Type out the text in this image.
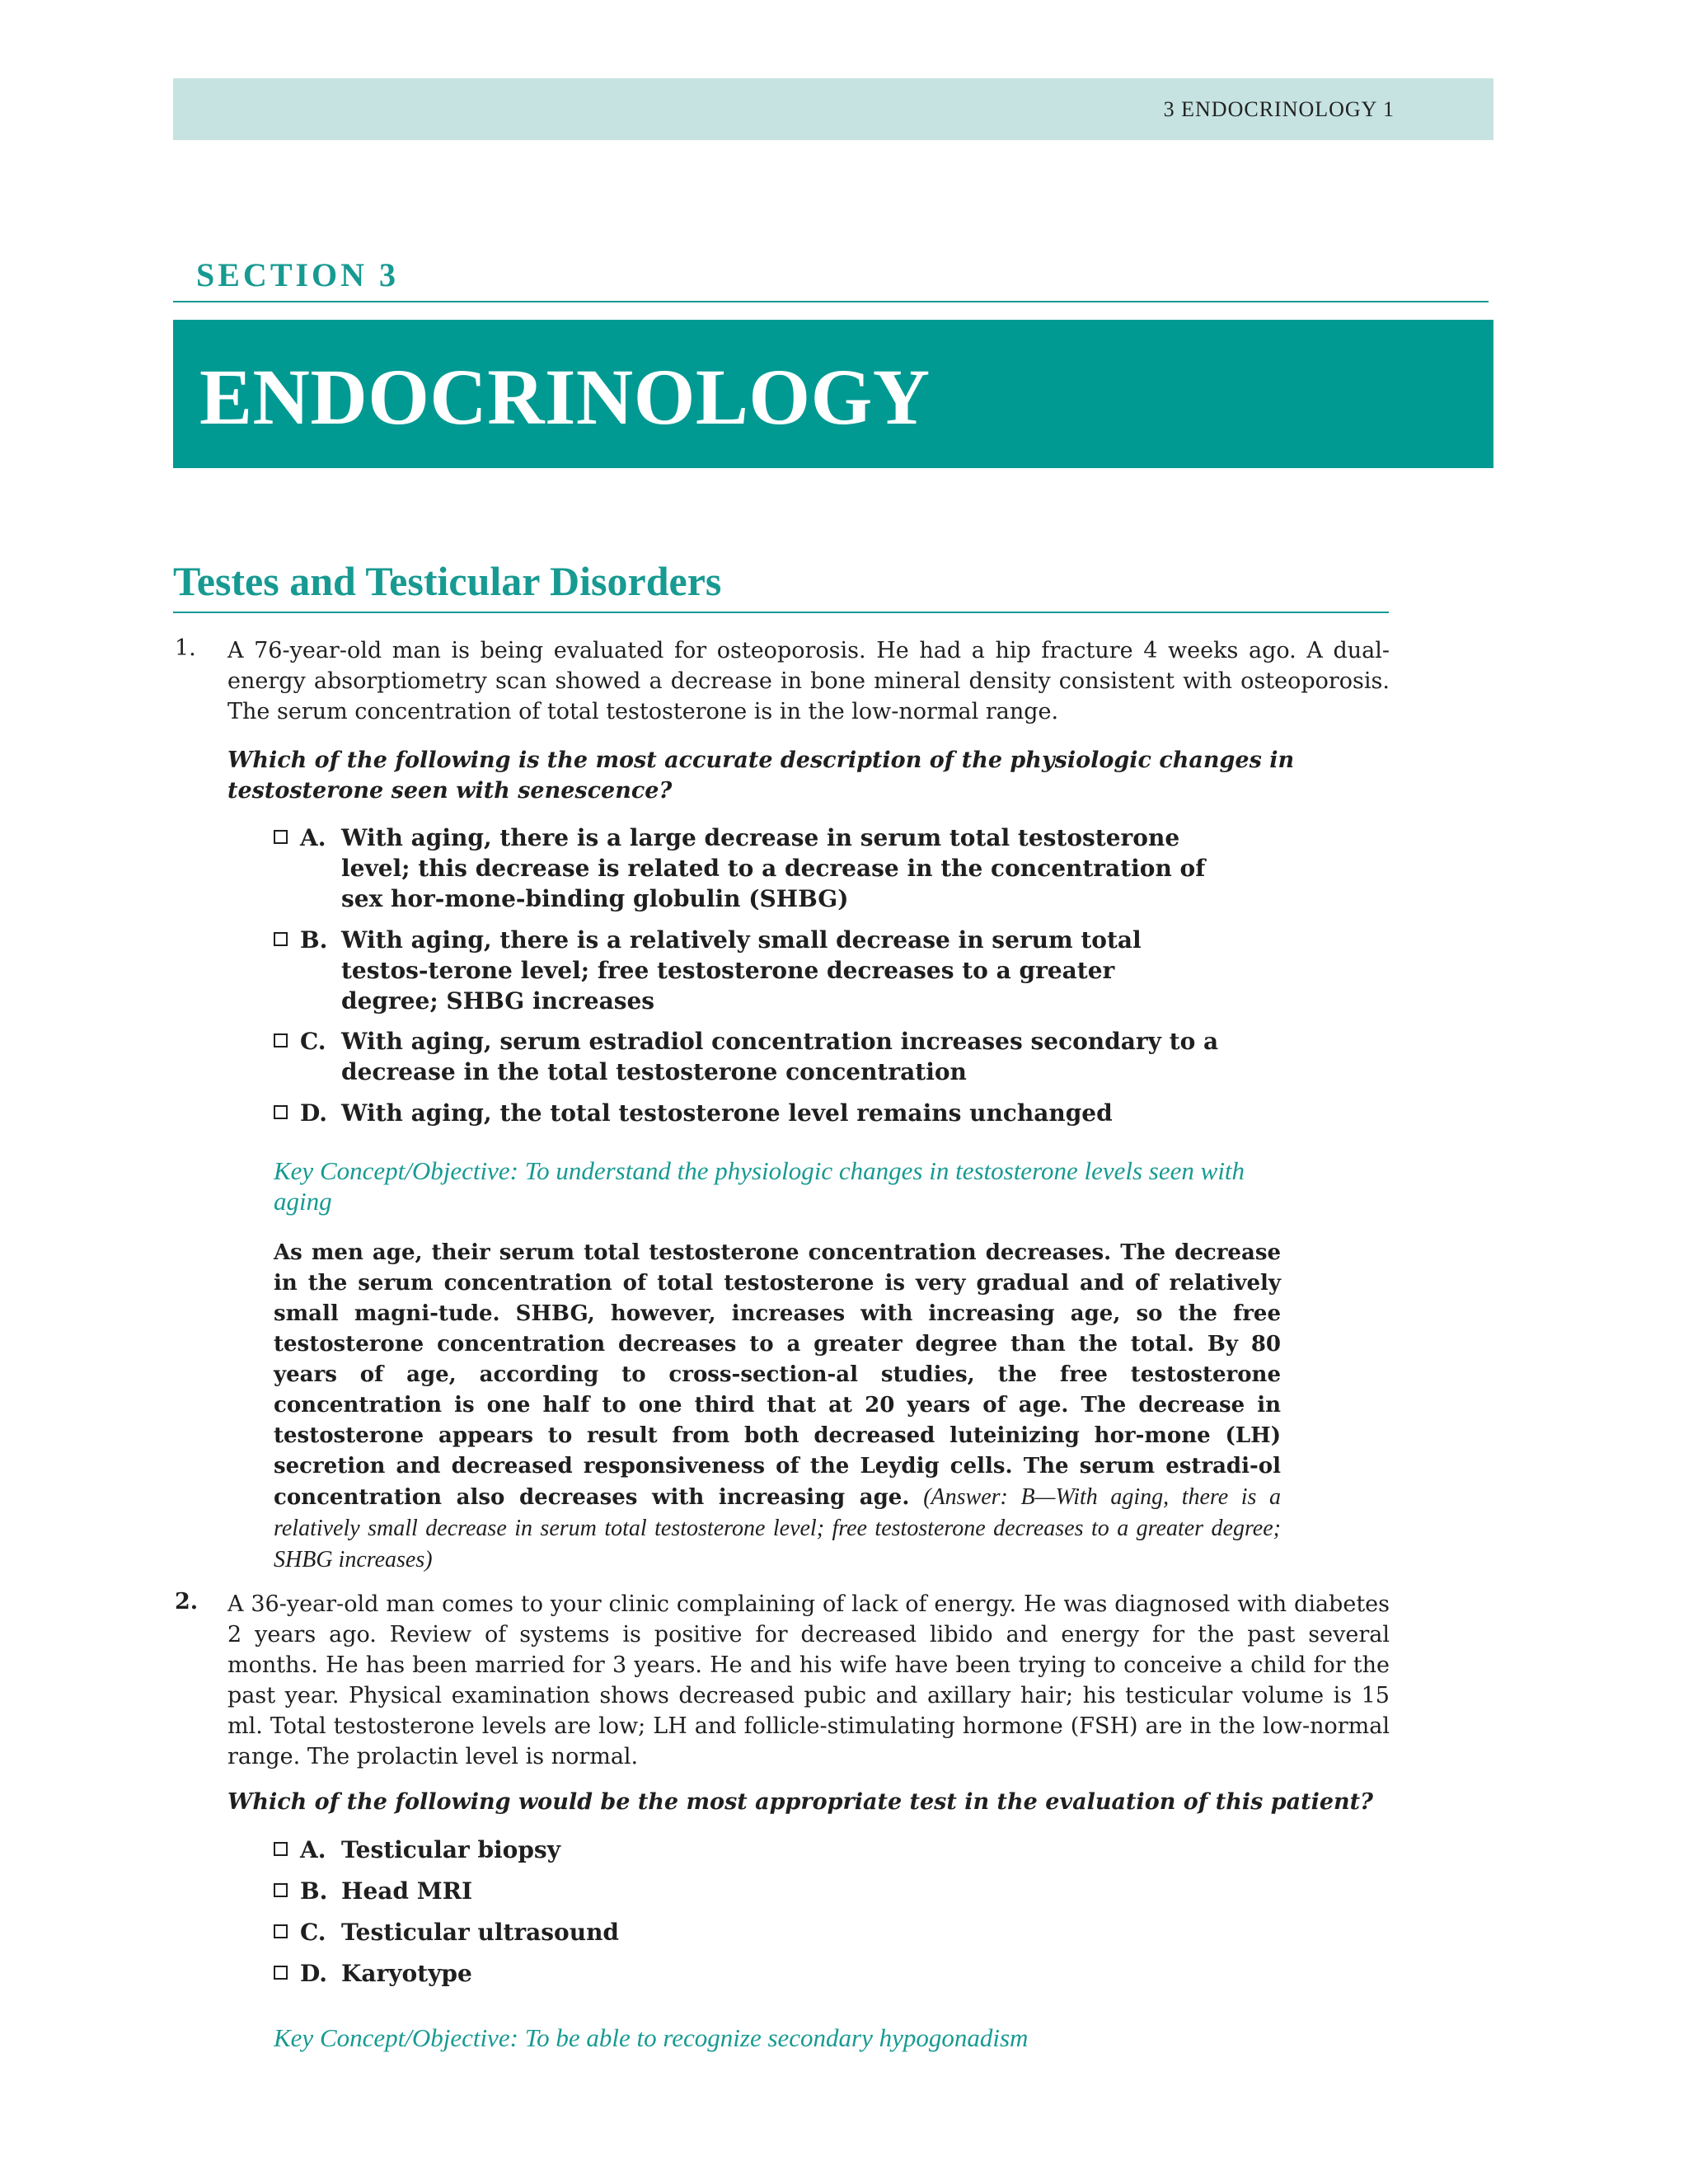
3 ENDOCRINOLOGY 1
SECTION 3
ENDOCRINOLOGY
Testes and Testicular Disorders
1. A 76-year-old man is being evaluated for osteoporosis. He had a hip fracture 4 weeks ago. A dual-energy absorptiometry scan showed a decrease in bone mineral density consistent with osteoporosis. The serum concentration of total testosterone is in the low-normal range.
Which of the following is the most accurate description of the physiologic changes in testosterone seen with senescence?
A. With aging, there is a large decrease in serum total testosterone level; this decrease is related to a decrease in the concentration of sex hor-mone-binding globulin (SHBG)
B. With aging, there is a relatively small decrease in serum total testos-terone level; free testosterone decreases to a greater degree; SHBG increases
C. With aging, serum estradiol concentration increases secondary to a decrease in the total testosterone concentration
D. With aging, the total testosterone level remains unchanged
Key Concept/Objective: To understand the physiologic changes in testosterone levels seen with aging
As men age, their serum total testosterone concentration decreases. The decrease in the serum concentration of total testosterone is very gradual and of relatively small magni-tude. SHBG, however, increases with increasing age, so the free testosterone concentration decreases to a greater degree than the total. By 80 years of age, according to cross-section-al studies, the free testosterone concentration is one half to one third that at 20 years of age. The decrease in testosterone appears to result from both decreased luteinizing hor-mone (LH) secretion and decreased responsiveness of the Leydig cells. The serum estradi-ol concentration also decreases with increasing age. (Answer: B—With aging, there is a relatively small decrease in serum total testosterone level; free testosterone decreases to a greater degree; SHBG increases)
2. A 36-year-old man comes to your clinic complaining of lack of energy. He was diagnosed with diabetes 2 years ago. Review of systems is positive for decreased libido and energy for the past several months. He has been married for 3 years. He and his wife have been trying to conceive a child for the past year. Physical examination shows decreased pubic and axillary hair; his testicular volume is 15 ml. Total testosterone levels are low; LH and follicle-stimulating hormone (FSH) are in the low-normal range. The prolactin level is normal.
Which of the following would be the most appropriate test in the evaluation of this patient?
A. Testicular biopsy
B. Head MRI
C. Testicular ultrasound
D. Karyotype
Key Concept/Objective: To be able to recognize secondary hypogonadism
